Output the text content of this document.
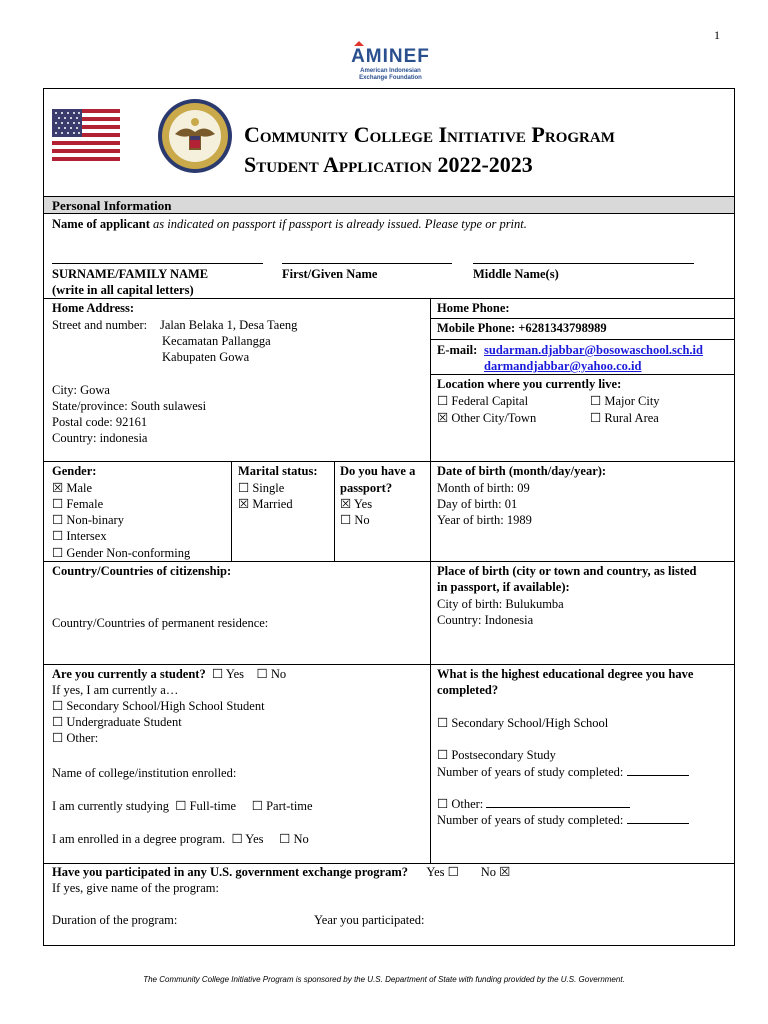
1
AMINEF
American Indonesian
Exchange Foundation
Community College Initiative Program
Student Application 2022-2023
Personal Information
Name of applicant as indicated on passport if passport is already issued. Please type or print.
SURNAME/FAMILY NAME
(write in all capital letters)
First/Given Name	Middle Name(s)
Home Address:
Street and number: Jalan Belaka 1, Desa Taeng
Kecamatan Pallangga
Kabupaten Gowa
City: Gowa
State/province: South sulawesi
Postal code: 92161
Country: indonesia
Home Phone:
Mobile Phone: +6281343798989
E-mail: sudarman.djabbar@bosowaschool.sch.id
darmandjabbar@yahoo.co.id
Location where you currently live:
☐ Federal Capital	☐ Major City
☒ Other City/Town	☐ Rural Area
Gender:
☒ Male
☐ Female
☐ Non-binary
☐ Intersex
☐ Gender Non-conforming
Marital status:
☐ Single
☒ Married
Do you have a
passport?
☒ Yes
☐ No
Date of birth (month/day/year):
Month of birth: 09
Day of birth: 01
Year of birth: 1989
Country/Countries of citizenship:
Country/Countries of permanent residence:
Place of birth (city or town and country, as listed
in passport, if available):
City of birth: Bulukumba
Country: Indonesia
Are you currently a student? ☐ Yes ☐ No
If yes, I am currently a…
☐ Secondary School/High School Student
☐ Undergraduate Student
☐ Other:
Name of college/institution enrolled:
I am currently studying ☐ Full-time ☐ Part-time
I am enrolled in a degree program. ☐ Yes ☐ No
What is the highest educational degree you have
completed?
☐ Secondary School/High School
☐ Postsecondary Study
Number of years of study completed:
☐ Other:
Number of years of study completed:
Have you participated in any U.S. government exchange program? Yes ☐ No ☒
If yes, give name of the program:
Duration of the program:	Year you participated:
The Community College Initiative Program is sponsored by the U.S. Department of State with funding provided by the U.S. Government.
